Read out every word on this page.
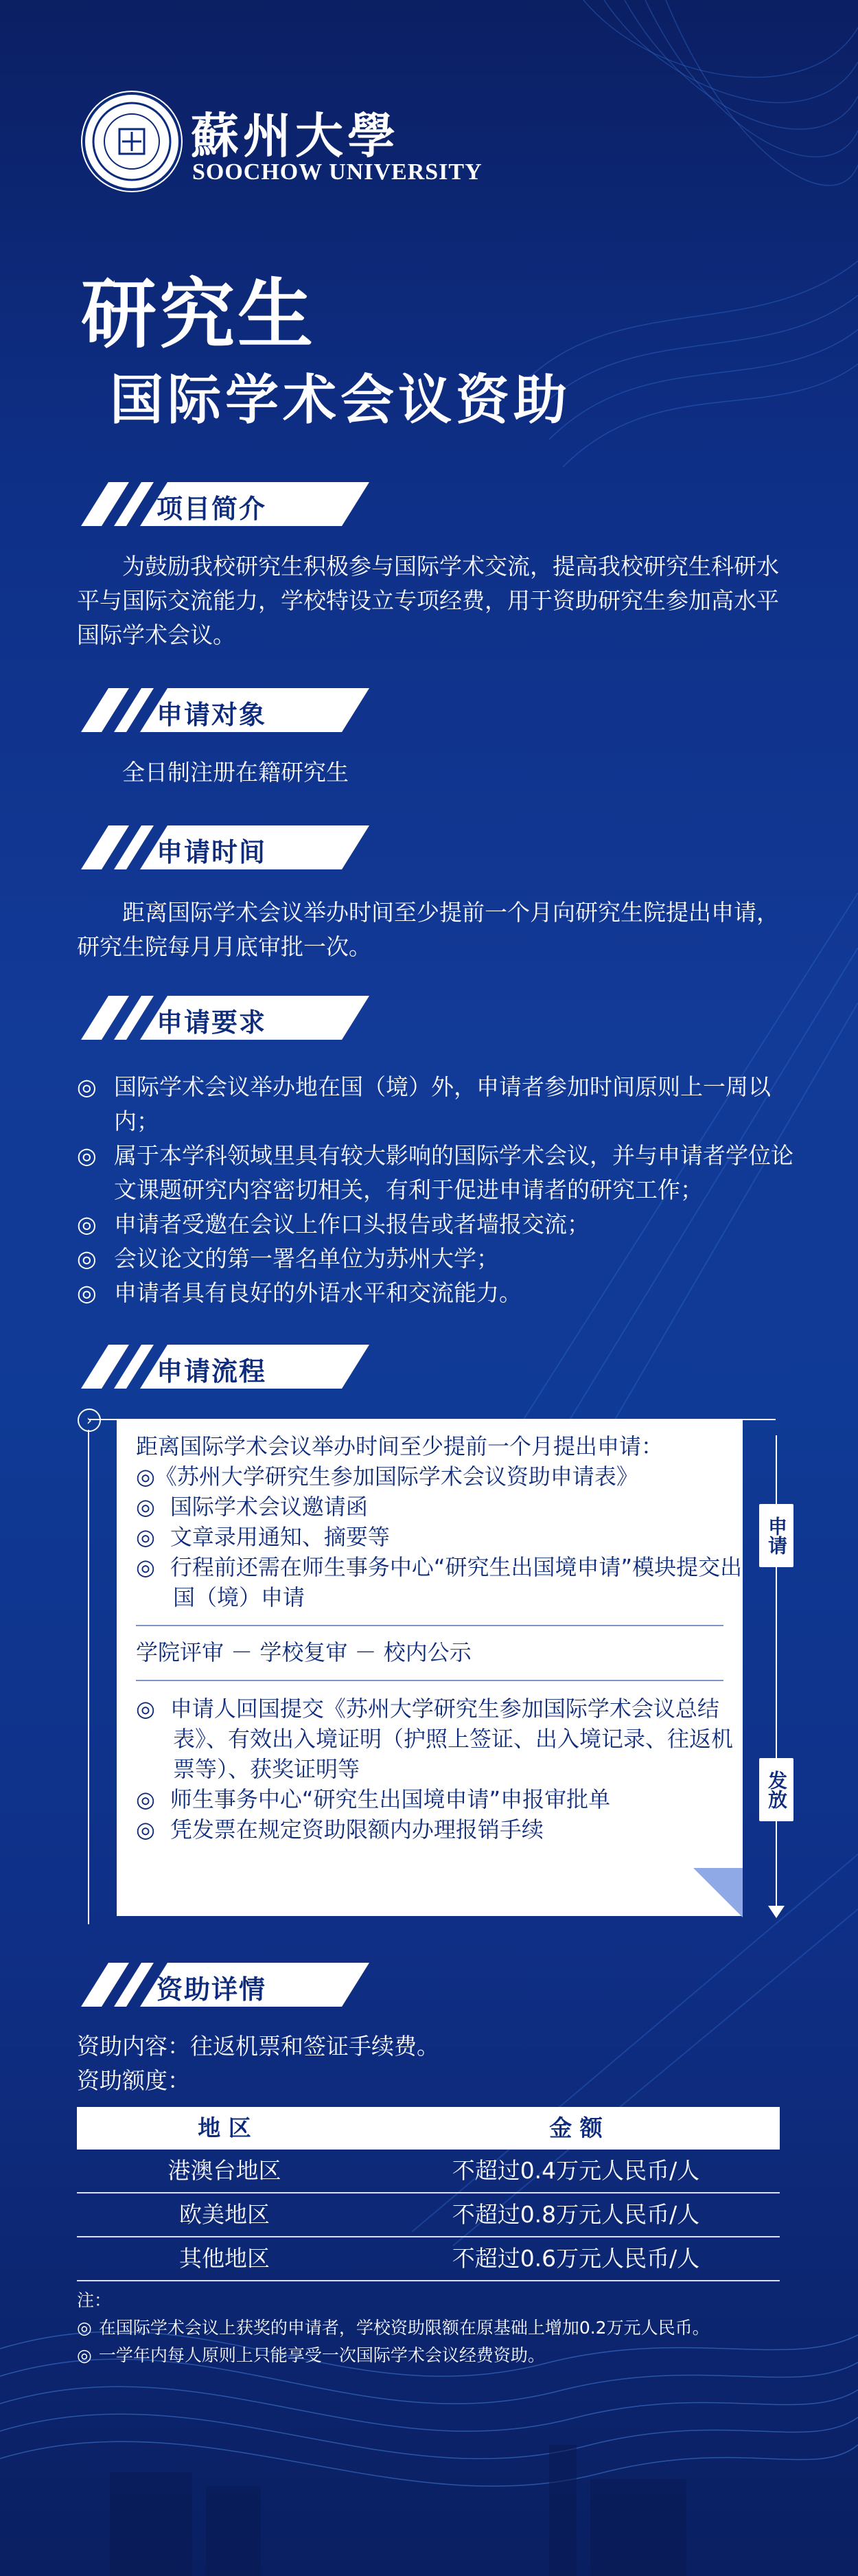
蘇州大學
SOOCHOW UNIVERSITY
研究生
国际学术会议资助
项目简介
为鼓励我校研究生积极参与国际学术交流，提高我校研究生科研水平与国际交流能力，学校特设立专项经费，用于资助研究生参加高水平国际学术会议。
申请对象
全日制注册在籍研究生
申请时间
距离国际学术会议举办时间至少提前一个月向研究生院提出申请，研究生院每月月底审批一次。
申请要求
◎ 国际学术会议举办地在国（境）外，申请者参加时间原则上一周以内；
◎ 属于本学科领域里具有较大影响的国际学术会议，并与申请者学位论文课题研究内容密切相关，有利于促进申请者的研究工作；
◎ 申请者受邀在会议上作口头报告或者墙报交流；
◎ 会议论文的第一署名单位为苏州大学；
◎ 申请者具有良好的外语水平和交流能力。
申请流程
›
距离国际学术会议举办时间至少提前一个月提出申请：
◎《苏州大学研究生参加国际学术会议资助申请表》
◎ 国际学术会议邀请函
◎ 文章录用通知、摘要等
◎ 行程前还需在师生事务中心“研究生出国境申请”模块提交出国（境）申请
学院评审 － 学校复审 － 校内公示
◎ 申请人回国提交《苏州大学研究生参加国际学术会议总结表》、有效出入境证明（护照上签证、出入境记录、往返机票等）、获奖证明等
◎ 师生事务中心“研究生出国境申请”申报审批单
◎ 凭发票在规定资助限额内办理报销手续
申请
发放
资助详情
资助内容：往返机票和签证手续费。
资助额度：
地 区	金 额
港澳台地区	不超过0.4万元人民币/人
欧美地区	不超过0.8万元人民币/人
其他地区	不超过0.6万元人民币/人
注：
◎ 在国际学术会议上获奖的申请者，学校资助限额在原基础上增加0.2万元人民币。
◎ 一学年内每人原则上只能享受一次国际学术会议经费资助。
